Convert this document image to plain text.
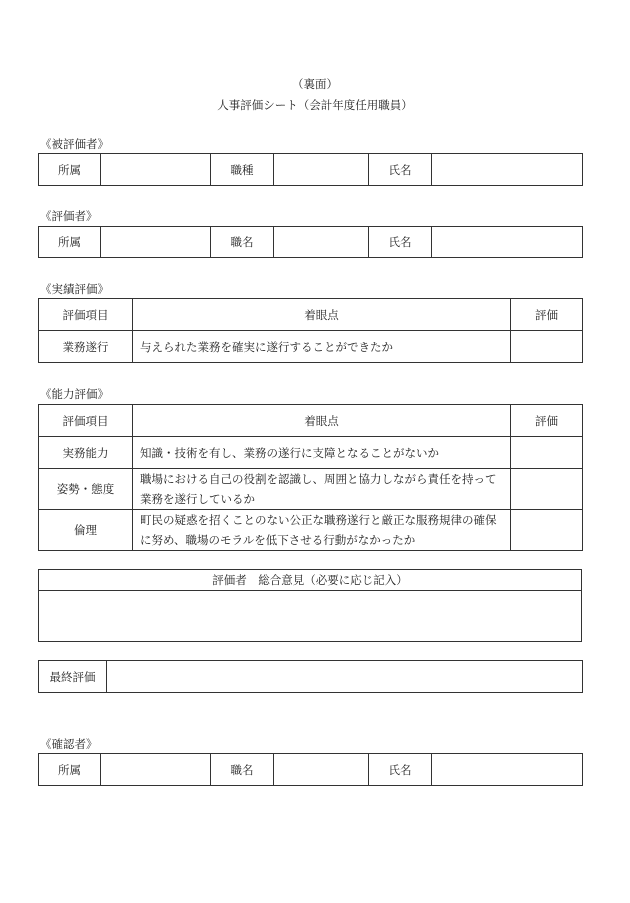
（裏面）
人事評価シート（会計年度任用職員）
《被評価者》
所属		職種		氏名	
《評価者》
所属		職名		氏名	
《実績評価》
評価項目	着眼点	評価
業務遂行	与えられた業務を確実に遂行することができたか	
《能力評価》
評価項目	着眼点	評価
実務能力	知識・技術を有し、業務の遂行に支障となることがないか	
姿勢・態度	職場における自己の役割を認識し、周囲と協力しながら責任を持って業務を遂行しているか	
倫理	町民の疑惑を招くことのない公正な職務遂行と厳正な服務規律の確保に努め、職場のモラルを低下させる行動がなかったか	
評価者　総合意見（必要に応じ記入）

最終評価	
《確認者》
所属		職名		氏名	
